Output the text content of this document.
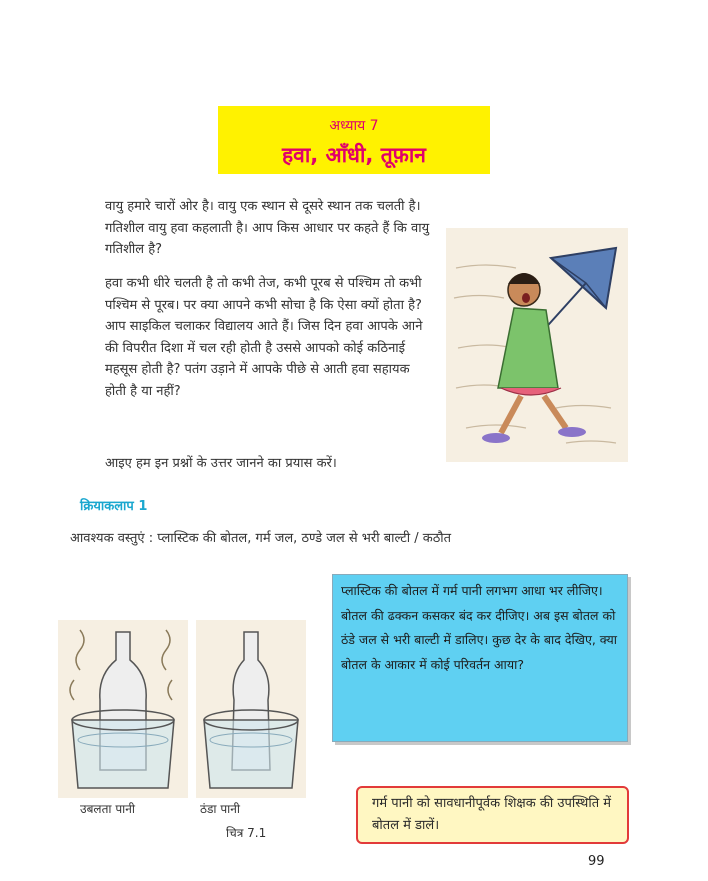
अध्याय 7
हवा, आँधी, तूफ़ान
वायु हमारे चारों ओर है। वायु एक स्थान से दूसरे स्थान तक चलती है। गतिशील वायु हवा कहलाती है। आप किस आधार पर कहते हैं कि वायु गतिशील है?
हवा कभी धीरे चलती है तो कभी तेज, कभी पूरब से पश्चिम तो कभी पश्चिम से पूरब। पर क्या आपने कभी सोचा है कि ऐसा क्यों होता है? आप साइकिल चलाकर विद्यालय आते हैं। जिस दिन हवा आपके आने की विपरीत दिशा में चल रही होती है उससे आपको कोई कठिनाई महसूस होती है? पतंग उड़ाने में आपके पीछे से आती हवा सहायक होती है या नहीं?
आइए हम इन प्रश्नों के उत्तर जानने का प्रयास करें।
क्रियाकलाप 1
आवश्यक वस्तुएं : प्लास्टिक की बोतल, गर्म जल, ठण्डे जल से भरी बाल्टी / कठौत
उबलता पानी	ठंडा पानी
चित्र 7.1
प्लास्टिक की बोतल में गर्म पानी लगभग आधा भर लीजिए। बोतल की ढक्कन कसकर बंद कर दीजिए। अब इस बोतल को ठंडे जल से भरी बाल्टी में डालिए। कुछ देर के बाद देखिए, क्या बोतल के आकार में कोई परिवर्तन आया?
गर्म पानी को सावधानीपूर्वक शिक्षक की उपस्थिति में बोतल में डालें।
99
